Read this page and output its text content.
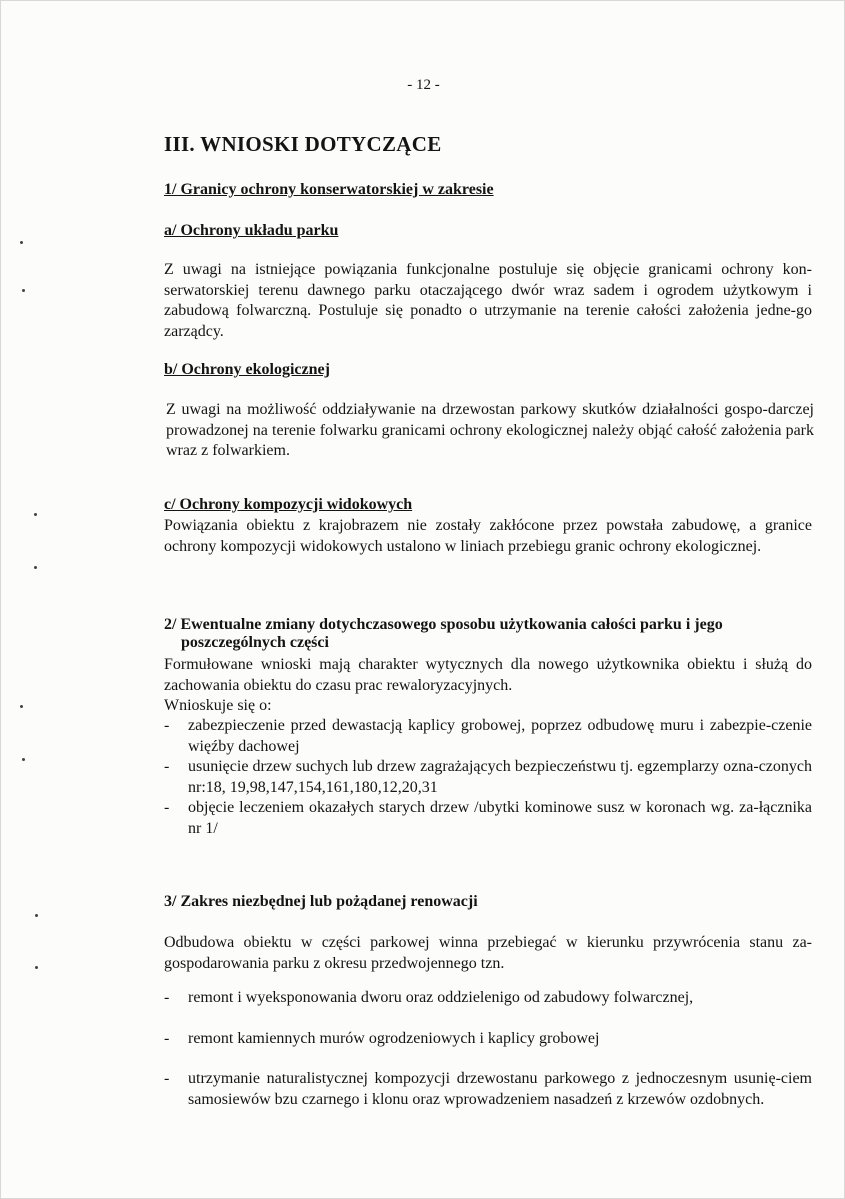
- 12 -
III. WNIOSKI DOTYCZĄCE
1/ Granicy ochrony konserwatorskiej w zakresie
a/ Ochrony układu parku
Z uwagi na istniejące powiązania funkcjonalne postuluje się objęcie granicami ochrony kon-serwatorskiej terenu dawnego parku otaczającego dwór wraz sadem i ogrodem użytkowym i zabudową folwarczną. Postuluje się ponadto o utrzymanie na terenie całości założenia jedne-go zarządcy.
b/ Ochrony ekologicznej
Z uwagi na możliwość oddziaływanie na drzewostan parkowy skutków działalności gospo-darczej prowadzonej na terenie folwarku granicami ochrony ekologicznej należy objąć całość założenia park wraz z folwarkiem.
c/ Ochrony kompozycji widokowych
Powiązania obiektu z krajobrazem nie zostały zakłócone przez powstała zabudowę, a granice ochrony kompozycji widokowych ustalono w liniach przebiegu granic ochrony ekologicznej.
2/ Ewentualne zmiany dotychczasowego sposobu użytkowania całości parku i jego
poszczególnych części
Formułowane wnioski mają charakter wytycznych dla nowego użytkownika obiektu i służą do zachowania obiektu do czasu prac rewaloryzacyjnych.
Wnioskuje się o:
- zabezpieczenie przed dewastacją kaplicy grobowej, poprzez odbudowę muru i zabezpie-czenie więźby dachowej
- usunięcie drzew suchych lub drzew zagrażających bezpieczeństwu tj. egzemplarzy ozna-czonych nr:18, 19,98,147,154,161,180,12,20,31
- objęcie leczeniem okazałych starych drzew /ubytki kominowe susz w koronach wg. za-łącznika nr 1/
3/ Zakres niezbędnej lub pożądanej renowacji
Odbudowa obiektu w części parkowej winna przebiegać w kierunku przywrócenia stanu za-gospodarowania parku z okresu przedwojennego tzn.
- remont i wyeksponowania dworu oraz oddzielenigo od zabudowy folwarcznej,
- remont kamiennych murów ogrodzeniowych i kaplicy grobowej
- utrzymanie naturalistycznej kompozycji drzewostanu parkowego z jednoczesnym usunię-ciem samosiewów bzu czarnego i klonu oraz wprowadzeniem nasadzeń z krzewów ozdobnych.
